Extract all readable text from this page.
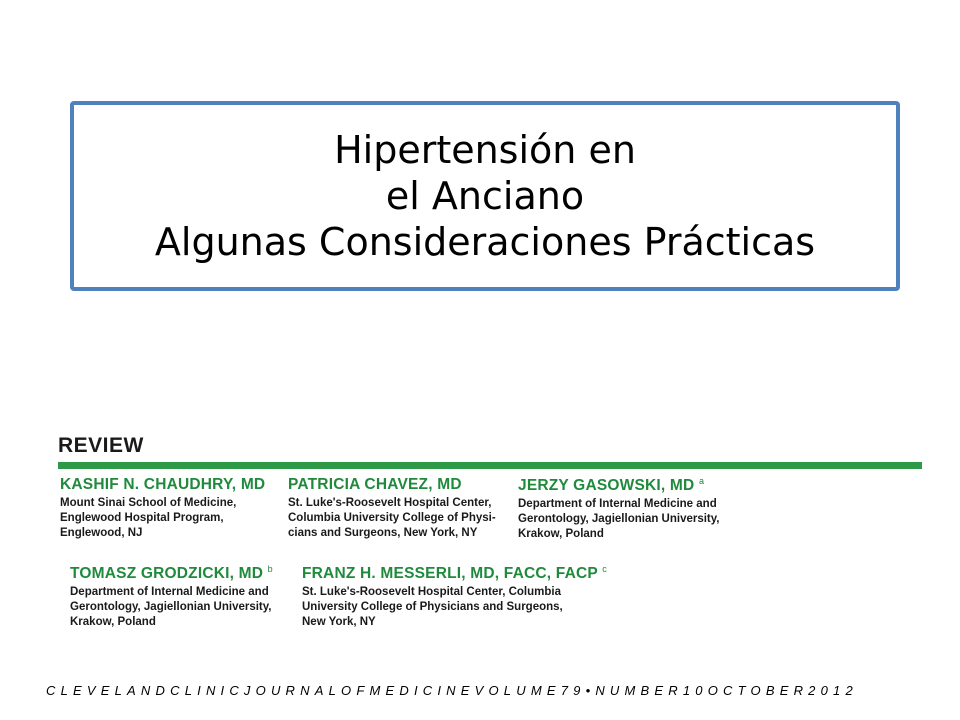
Hipertensión en
el Anciano
Algunas Consideraciones Prácticas
REVIEW
KASHIF N. CHAUDHRY, MD
Mount Sinai School of Medicine,
Englewood Hospital Program,
Englewood, NJ
PATRICIA CHAVEZ, MD
St. Luke's-Roosevelt Hospital Center,
Columbia University College of Physi-
cians and Surgeons, New York, NY
JERZY GASOWSKI, MD $^a$
Department of Internal Medicine and
Gerontology, Jagiellonian University,
Krakow, Poland
TOMASZ GRODZICKI, MD $^b$
Department of Internal Medicine and
Gerontology, Jagiellonian University,
Krakow, Poland
FRANZ H. MESSERLI, MD, FACC, FACP $^c$
St. Luke's-Roosevelt Hospital Center, Columbia
University College of Physicians and Surgeons,
New York, NY
CLEVELANDCLINICJOURNALOFMEDICINEVOLUME79•NUMBER10OCTOBER2012
